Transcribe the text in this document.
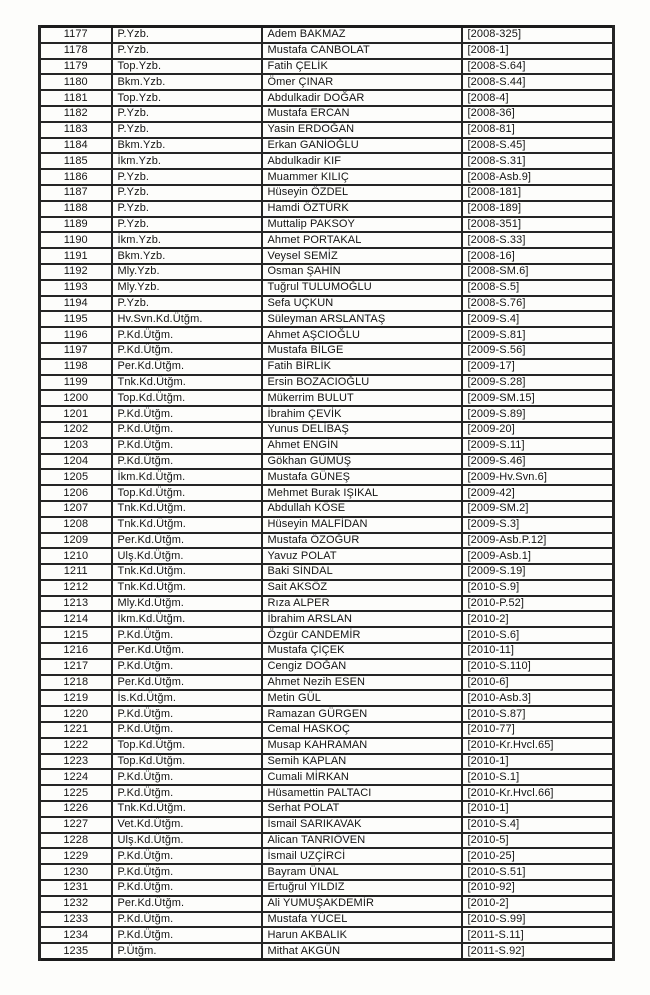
1177	P.Yzb.	Adem BAKMAZ	[2008-325]
1178	P.Yzb.	Mustafa CANBOLAT	[2008-1]
1179	Top.Yzb.	Fatih ÇELİK	[2008-S.64]
1180	Bkm.Yzb.	Ömer ÇINAR	[2008-S.44]
1181	Top.Yzb.	Abdulkadir DOĞAR	[2008-4]
1182	P.Yzb.	Mustafa ERCAN	[2008-36]
1183	P.Yzb.	Yasin ERDOĞAN	[2008-81]
1184	Bkm.Yzb.	Erkan GANİOĞLU	[2008-S.45]
1185	İkm.Yzb.	Abdulkadir KIF	[2008-S.31]
1186	P.Yzb.	Muammer KILIÇ	[2008-Asb.9]
1187	P.Yzb.	Hüseyin ÖZDEL	[2008-181]
1188	P.Yzb.	Hamdi ÖZTÜRK	[2008-189]
1189	P.Yzb.	Muttalip PAKSOY	[2008-351]
1190	İkm.Yzb.	Ahmet PORTAKAL	[2008-S.33]
1191	Bkm.Yzb.	Veysel SEMİZ	[2008-16]
1192	Mly.Yzb.	Osman ŞAHİN	[2008-SM.6]
1193	Mly.Yzb.	Tuğrul TULUMOĞLU	[2008-S.5]
1194	P.Yzb.	Sefa UÇKUN	[2008-S.76]
1195	Hv.Svn.Kd.Ütğm.	Süleyman ARSLANTAŞ	[2009-S.4]
1196	P.Kd.Ütğm.	Ahmet AŞCIOĞLU	[2009-S.81]
1197	P.Kd.Ütğm.	Mustafa BİLGE	[2009-S.56]
1198	Per.Kd.Ütğm.	Fatih BİRLİK	[2009-17]
1199	Tnk.Kd.Ütğm.	Ersin BOZACIOĞLU	[2009-S.28]
1200	Top.Kd.Ütğm.	Mükerrim BULUT	[2009-SM.15]
1201	P.Kd.Ütğm.	İbrahim ÇEVİK	[2009-S.89]
1202	P.Kd.Ütğm.	Yunus DELİBAŞ	[2009-20]
1203	P.Kd.Ütğm.	Ahmet ENGİN	[2009-S.11]
1204	P.Kd.Ütğm.	Gökhan GÜMÜŞ	[2009-S.46]
1205	İkm.Kd.Ütğm.	Mustafa GÜNEŞ	[2009-Hv.Svn.6]
1206	Top.Kd.Ütğm.	Mehmet Burak IŞIKAL	[2009-42]
1207	Tnk.Kd.Ütğm.	Abdullah KÖSE	[2009-SM.2]
1208	Tnk.Kd.Ütğm.	Hüseyin MALFİDAN	[2009-S.3]
1209	Per.Kd.Ütğm.	Mustafa ÖZOĞUR	[2009-Asb.P.12]
1210	Ulş.Kd.Ütğm.	Yavuz POLAT	[2009-Asb.1]
1211	Tnk.Kd.Ütğm.	Baki SİNDAL	[2009-S.19]
1212	Tnk.Kd.Ütğm.	Sait AKSÖZ	[2010-S.9]
1213	Mly.Kd.Ütğm.	Rıza ALPER	[2010-P.52]
1214	İkm.Kd.Ütğm.	İbrahim ARSLAN	[2010-2]
1215	P.Kd.Ütğm.	Özgür CANDEMİR	[2010-S.6]
1216	Per.Kd.Ütğm.	Mustafa ÇİÇEK	[2010-11]
1217	P.Kd.Ütğm.	Cengiz DOĞAN	[2010-S.110]
1218	Per.Kd.Ütğm.	Ahmet Nezih ESEN	[2010-6]
1219	İs.Kd.Ütğm.	Metin GÜL	[2010-Asb.3]
1220	P.Kd.Ütğm.	Ramazan GÜRGEN	[2010-S.87]
1221	P.Kd.Ütğm.	Cemal HASKOÇ	[2010-77]
1222	Top.Kd.Ütğm.	Musap KAHRAMAN	[2010-Kr.Hvcl.65]
1223	Top.Kd.Ütğm.	Semih KAPLAN	[2010-1]
1224	P.Kd.Ütğm.	Cumali MİRKAN	[2010-S.1]
1225	P.Kd.Ütğm.	Hüsamettin PALTACI	[2010-Kr.Hvcl.66]
1226	Tnk.Kd.Ütğm.	Serhat POLAT	[2010-1]
1227	Vet.Kd.Ütğm.	İsmail SARIKAVAK	[2010-S.4]
1228	Ulş.Kd.Ütğm.	Alican TANRIÖVEN	[2010-5]
1229	P.Kd.Ütğm.	İsmail UZÇİRCİ	[2010-25]
1230	P.Kd.Ütğm.	Bayram ÜNAL	[2010-S.51]
1231	P.Kd.Ütğm.	Ertuğrul YILDIZ	[2010-92]
1232	Per.Kd.Ütğm.	Ali YUMUŞAKDEMİR	[2010-2]
1233	P.Kd.Ütğm.	Mustafa YÜCEL	[2010-S.99]
1234	P.Kd.Ütğm.	Harun AKBALIK	[2011-S.11]
1235	P.Ütğm.	Mithat AKGÜN	[2011-S.92]
